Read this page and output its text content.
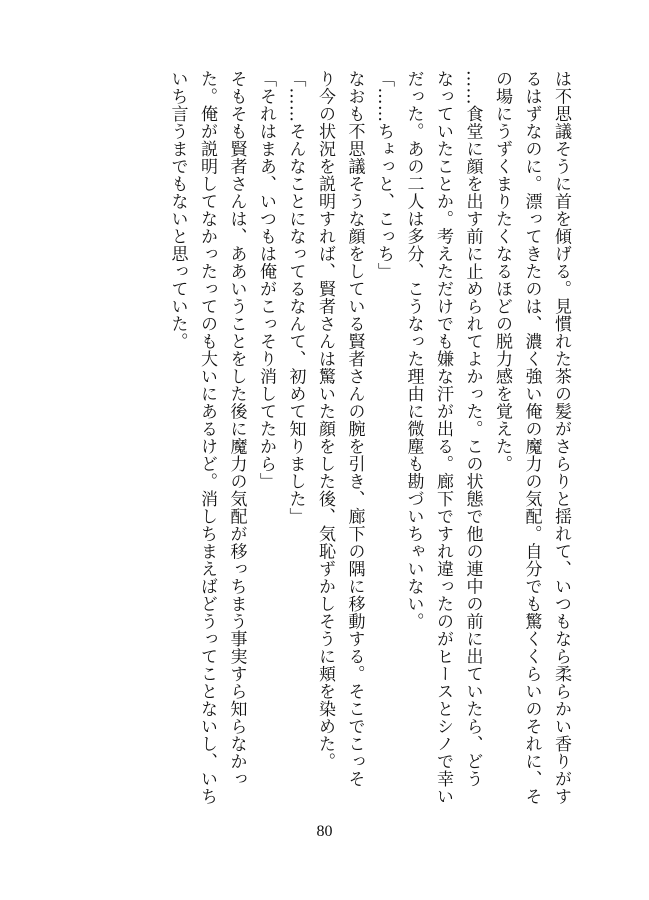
は不思議そうに首を傾げる。見慣れた茶の髪がさらりと揺れて、いつもなら柔らかい香りがす
るはずなのに。漂ってきたのは、濃く強い俺の魔力の気配。自分でも驚くくらいのそれに、そ
の場にうずくまりたくなるほどの脱力感を覚えた。
……食堂に顔を出す前に止められてよかった。この状態で他の連中の前に出ていたら、どう
なっていたことか。考えただけでも嫌な汗が出る。廊下ですれ違ったのがヒースとシノで幸い
だった。あの二人は多分、こうなった理由に微塵も勘づいちゃいない。
「……ちょっと、こっち」
なおも不思議そうな顔をしている賢者さんの腕を引き、廊下の隅に移動する。そこでこっそ
り今の状況を説明すれば、賢者さんは驚いた顔をした後、気恥ずかしそうに頬を染めた。
「……そんなことになってるなんて、初めて知りました」
「それはまあ、いつもは俺がこっそり消してたから」
そもそも賢者さんは、ああいうことをした後に魔力の気配が移っちまう事実すら知らなかっ
た。俺が説明してなかったってのも大いにあるけど。消しちまえばどうってことないし、いち
いち言うまでもないと思っていた。
80
